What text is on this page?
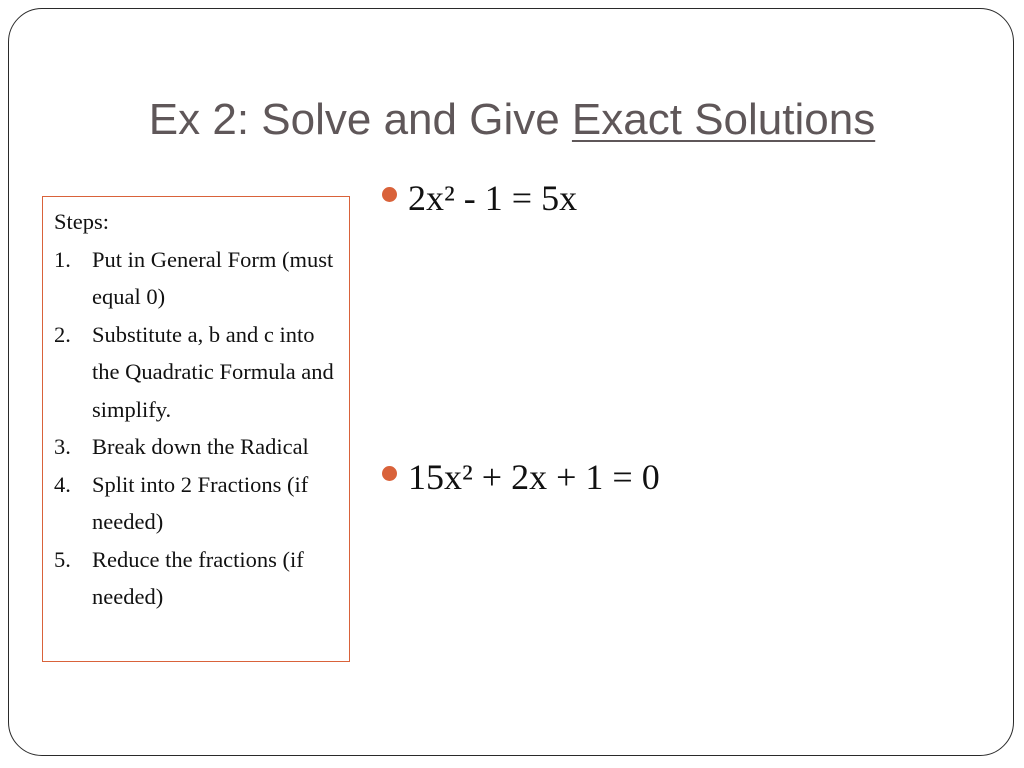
Ex 2: Solve and Give Exact Solutions

Steps:

1. Put in General Form (must equal 0)
2. Substitute a, b and c into the Quadratic Formula and simplify.
3. Break down the Radical
4. Split into 2 Fractions (if needed)
5. Reduce the fractions (if needed)
2x² - 1 = 5x
15x² + 2x + 1 = 0
